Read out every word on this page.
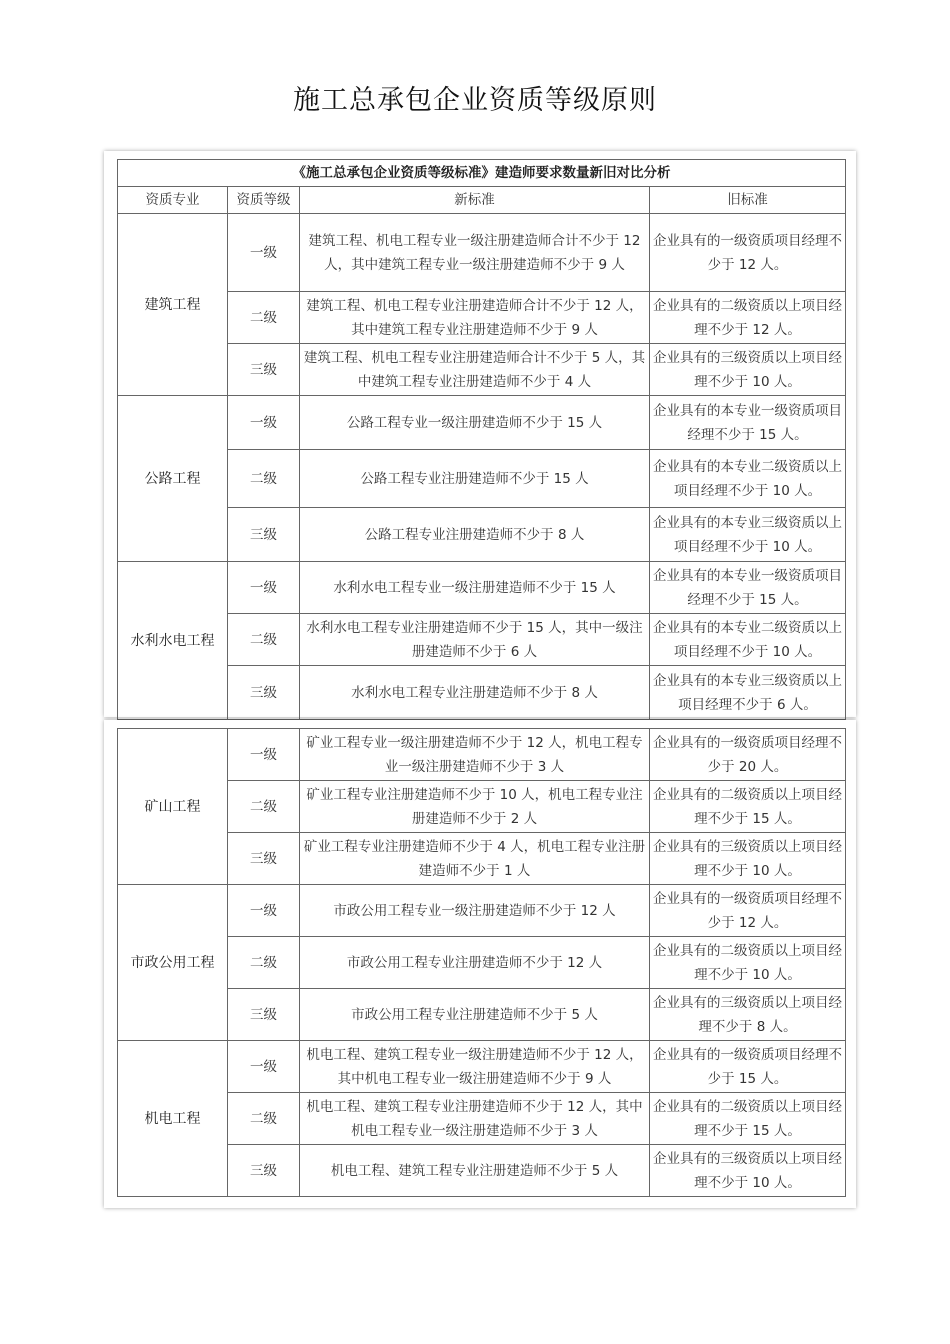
施工总承包企业资质等级原则
《施工总承包企业资质等级标准》建造师要求数量新旧对比分析			
资质专业	资质等级	新标准	旧标准
建筑工程	一级	建筑工程、机电工程专业一级注册建造师合计不少于 12 人，其中建筑工程专业一级注册建造师不少于 9 人	企业具有的一级资质项目经理不少于 12 人。
	二级	建筑工程、机电工程专业注册建造师合计不少于 12 人，其中建筑工程专业注册建造师不少于 9 人	企业具有的二级资质以上项目经理不少于 12 人。
	三级	建筑工程、机电工程专业注册建造师合计不少于 5 人，其中建筑工程专业注册建造师不少于 4 人	企业具有的三级资质以上项目经理不少于 10 人。
公路工程	一级	公路工程专业一级注册建造师不少于 15 人	企业具有的本专业一级资质项目经理不少于 15 人。
	二级	公路工程专业注册建造师不少于 15 人	企业具有的本专业二级资质以上项目经理不少于 10 人。
	三级	公路工程专业注册建造师不少于 8 人	企业具有的本专业三级资质以上项目经理不少于 10 人。
水利水电工程	一级	水利水电工程专业一级注册建造师不少于 15 人	企业具有的本专业一级资质项目经理不少于 15 人。
	二级	水利水电工程专业注册建造师不少于 15 人，其中一级注册建造师不少于 6 人	企业具有的本专业二级资质以上项目经理不少于 10 人。
	三级	水利水电工程专业注册建造师不少于 8 人	企业具有的本专业三级资质以上项目经理不少于 6 人。
矿山工程	一级	矿业工程专业一级注册建造师不少于 12 人，机电工程专业一级注册建造师不少于 3 人	企业具有的一级资质项目经理不少于 20 人。
	二级	矿业工程专业注册建造师不少于 10 人，机电工程专业注册建造师不少于 2 人	企业具有的二级资质以上项目经理不少于 15 人。
	三级	矿业工程专业注册建造师不少于 4 人，机电工程专业注册建造师不少于 1 人	企业具有的三级资质以上项目经理不少于 10 人。
市政公用工程	一级	市政公用工程专业一级注册建造师不少于 12 人	企业具有的一级资质项目经理不少于 12 人。
	二级	市政公用工程专业注册建造师不少于 12 人	企业具有的二级资质以上项目经理不少于 10 人。
	三级	市政公用工程专业注册建造师不少于 5 人	企业具有的三级资质以上项目经理不少于 8 人。
机电工程	一级	机电工程、建筑工程专业一级注册建造师不少于 12 人，其中机电工程专业一级注册建造师不少于 9 人	企业具有的一级资质项目经理不少于 15 人。
	二级	机电工程、建筑工程专业注册建造师不少于 12 人，其中机电工程专业一级注册建造师不少于 3 人	企业具有的二级资质以上项目经理不少于 15 人。
	三级	机电工程、建筑工程专业注册建造师不少于 5 人	企业具有的三级资质以上项目经理不少于 10 人。
